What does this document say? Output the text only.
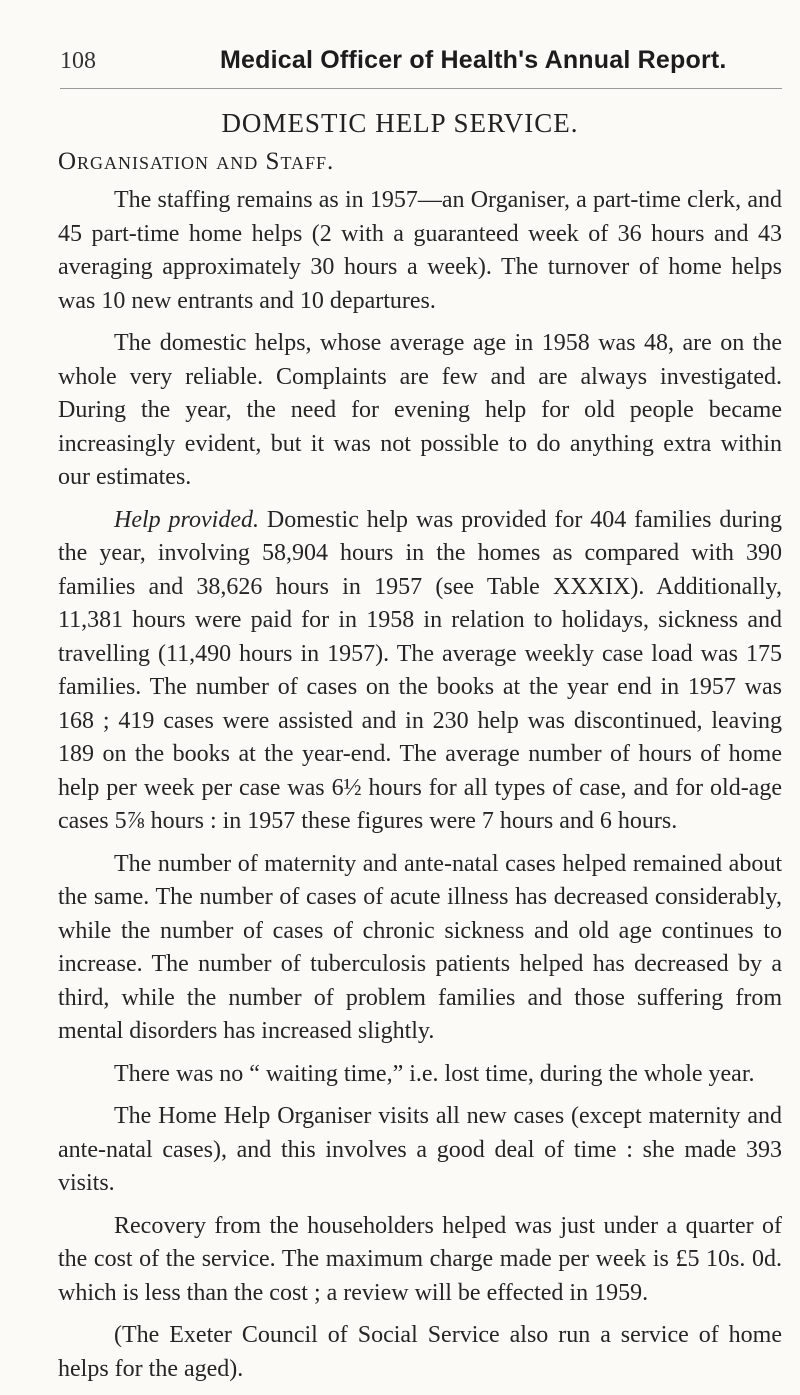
108	Medical Officer of Health's Annual Report.
DOMESTIC HELP SERVICE.
Organisation and Staff.

The staffing remains as in 1957—an Organiser, a part-time clerk, and 45 part-time home helps (2 with a guaranteed week of 36 hours and 43 averaging approximately 30 hours a week). The turnover of home helps was 10 new entrants and 10 departures.

The domestic helps, whose average age in 1958 was 48, are on the whole very reliable. Complaints are few and are always investigated. During the year, the need for evening help for old people became increasingly evident, but it was not possible to do anything extra within our estimates.

Help provided. Domestic help was provided for 404 families during the year, involving 58,904 hours in the homes as compared with 390 families and 38,626 hours in 1957 (see Table XXXIX). Additionally, 11,381 hours were paid for in 1958 in relation to holidays, sickness and travelling (11,490 hours in 1957). The average weekly case load was 175 families. The number of cases on the books at the year end in 1957 was 168 ; 419 cases were assisted and in 230 help was discontinued, leaving 189 on the books at the year-end. The average number of hours of home help per week per case was 6½ hours for all types of case, and for old-age cases 5⅞ hours : in 1957 these figures were 7 hours and 6 hours.

The number of maternity and ante-natal cases helped remained about the same. The number of cases of acute illness has decreased considerably, while the number of cases of chronic sickness and old age continues to increase. The number of tuberculosis patients helped has decreased by a third, while the number of problem families and those suffering from mental disorders has increased slightly.

There was no “ waiting time,” i.e. lost time, during the whole year.

The Home Help Organiser visits all new cases (except maternity and ante-natal cases), and this involves a good deal of time : she made 393 visits.

Recovery from the householders helped was just under a quarter of the cost of the service. The maximum charge made per week is £5 10s. 0d. which is less than the cost ; a review will be effected in 1959.

(The Exeter Council of Social Service also run a service of home helps for the aged).
